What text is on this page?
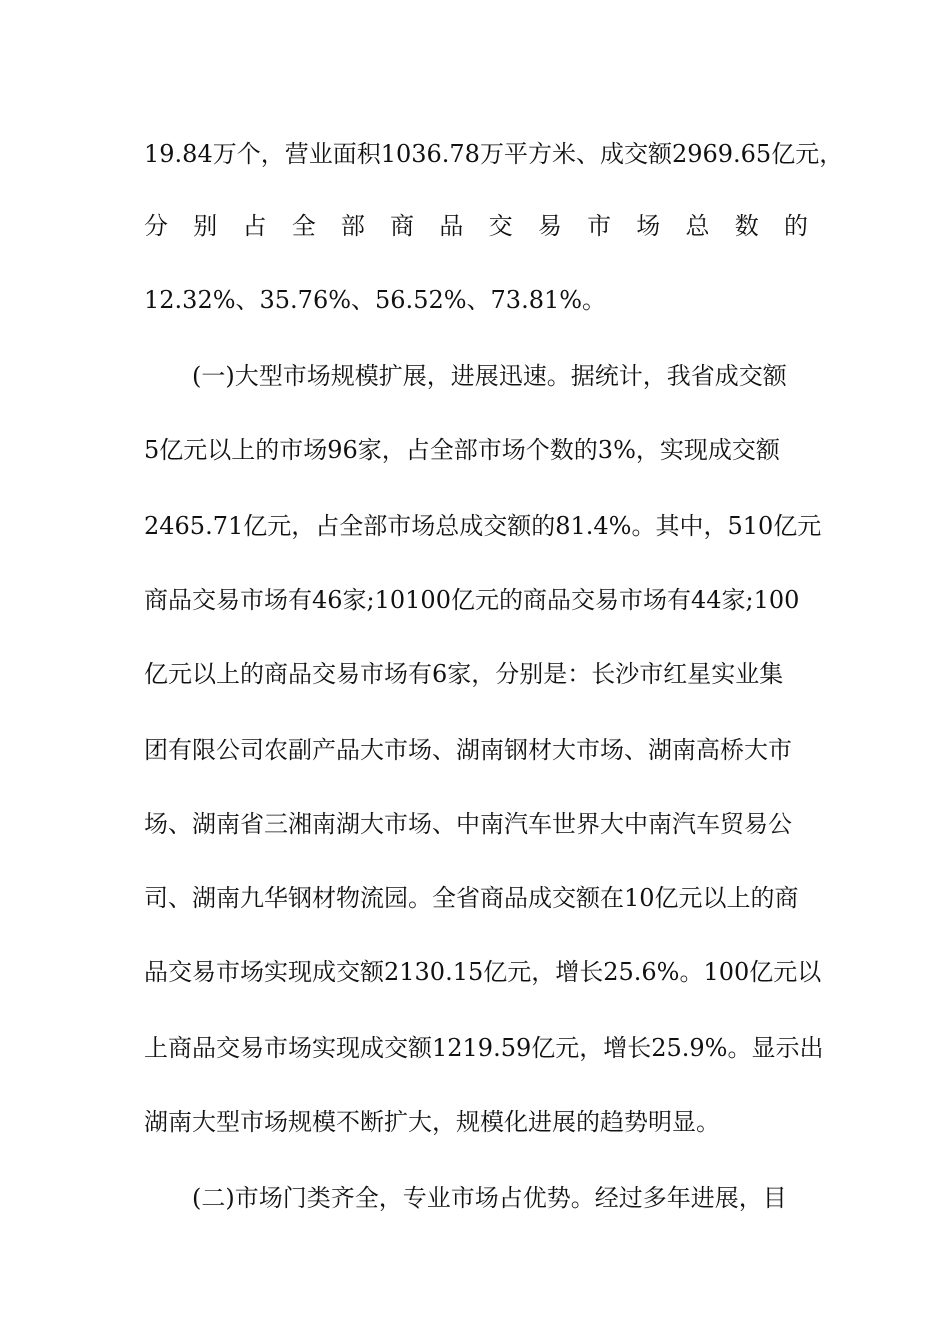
19.84万个，营业面积1036.78万平方米、成交额2969.65亿元，
分别占全部商品交易市场总数的
12.32%、35.76%、56.52%、73.81%。
(一)大型市场规模扩展，进展迅速。据统计，我省成交额
5亿元以上的市场96家，占全部市场个数的3%，实现成交额
2465.71亿元，占全部市场总成交额的81.4%。其中，510亿元
商品交易市场有46家;10100亿元的商品交易市场有44家;100
亿元以上的商品交易市场有6家，分别是：长沙市红星实业集
团有限公司农副产品大市场、湖南钢材大市场、湖南高桥大市
场、湖南省三湘南湖大市场、中南汽车世界大中南汽车贸易公
司、湖南九华钢材物流园。全省商品成交额在10亿元以上的商
品交易市场实现成交额2130.15亿元，增长25.6%。100亿元以
上商品交易市场实现成交额1219.59亿元，增长25.9%。显示出
湖南大型市场规模不断扩大，规模化进展的趋势明显。
(二)市场门类齐全，专业市场占优势。经过多年进展，目
